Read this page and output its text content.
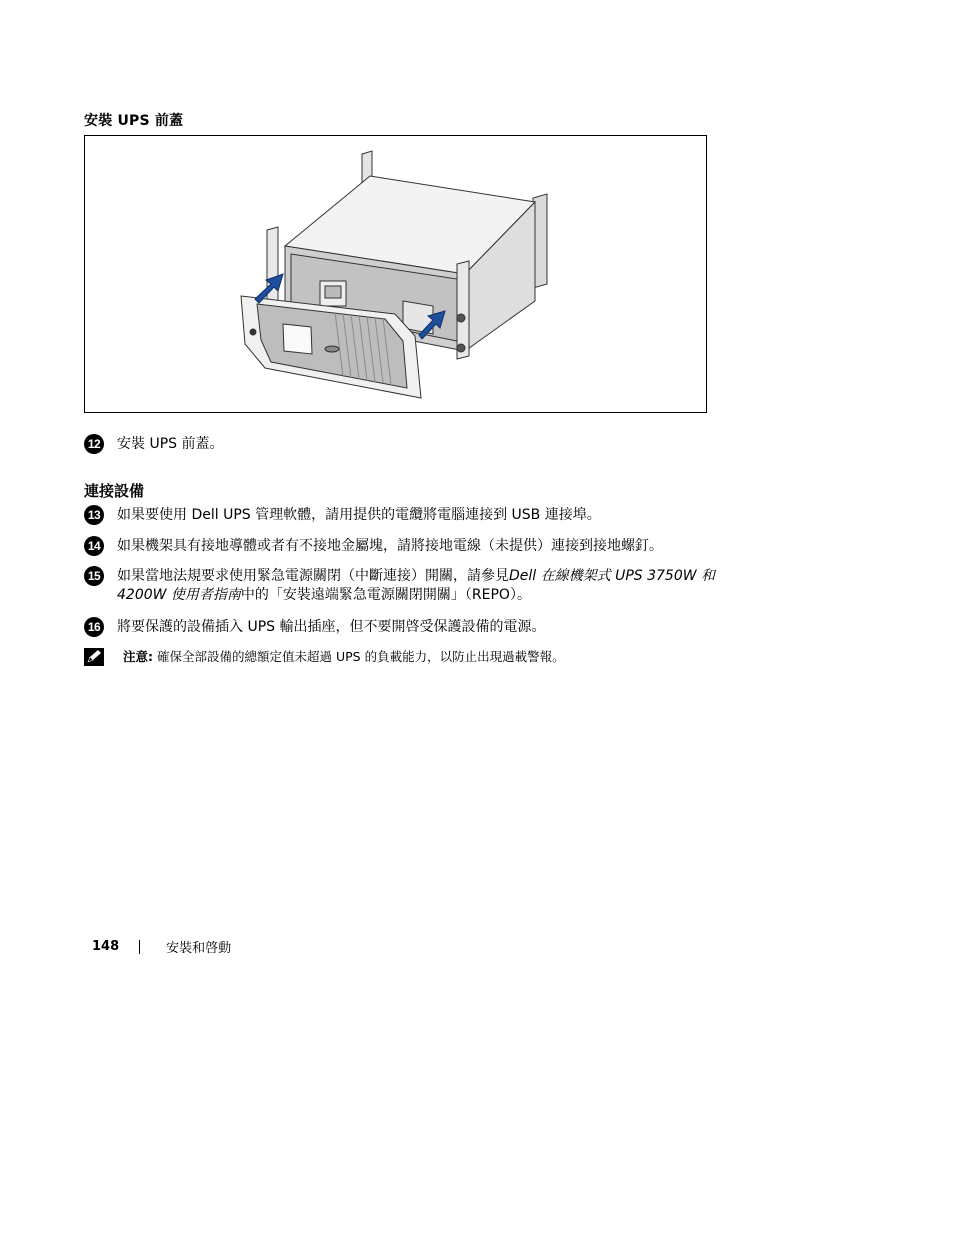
安裝 UPS 前蓋
12 安裝 UPS 前蓋。
連接設備
13 如果要使用 Dell UPS 管理軟體，請用提供的電纜將電腦連接到 USB 連接埠。
14 如果機架具有接地導體或者有不接地金屬塊，請將接地電線（未提供）連接到接地螺釘。
15 如果當地法規要求使用緊急電源關閉（中斷連接）開關，請參見Dell 在線機架式 UPS 3750W 和 4200W 使用者指南中的「安裝遠端緊急電源關閉開關」（REPO）。
16 將要保護的設備插入 UPS 輸出插座，但不要開啓受保護設備的電源。
注意: 確保全部設備的總額定值未超過 UPS 的負載能力，以防止出現過載警報。
148	安裝和啓動
